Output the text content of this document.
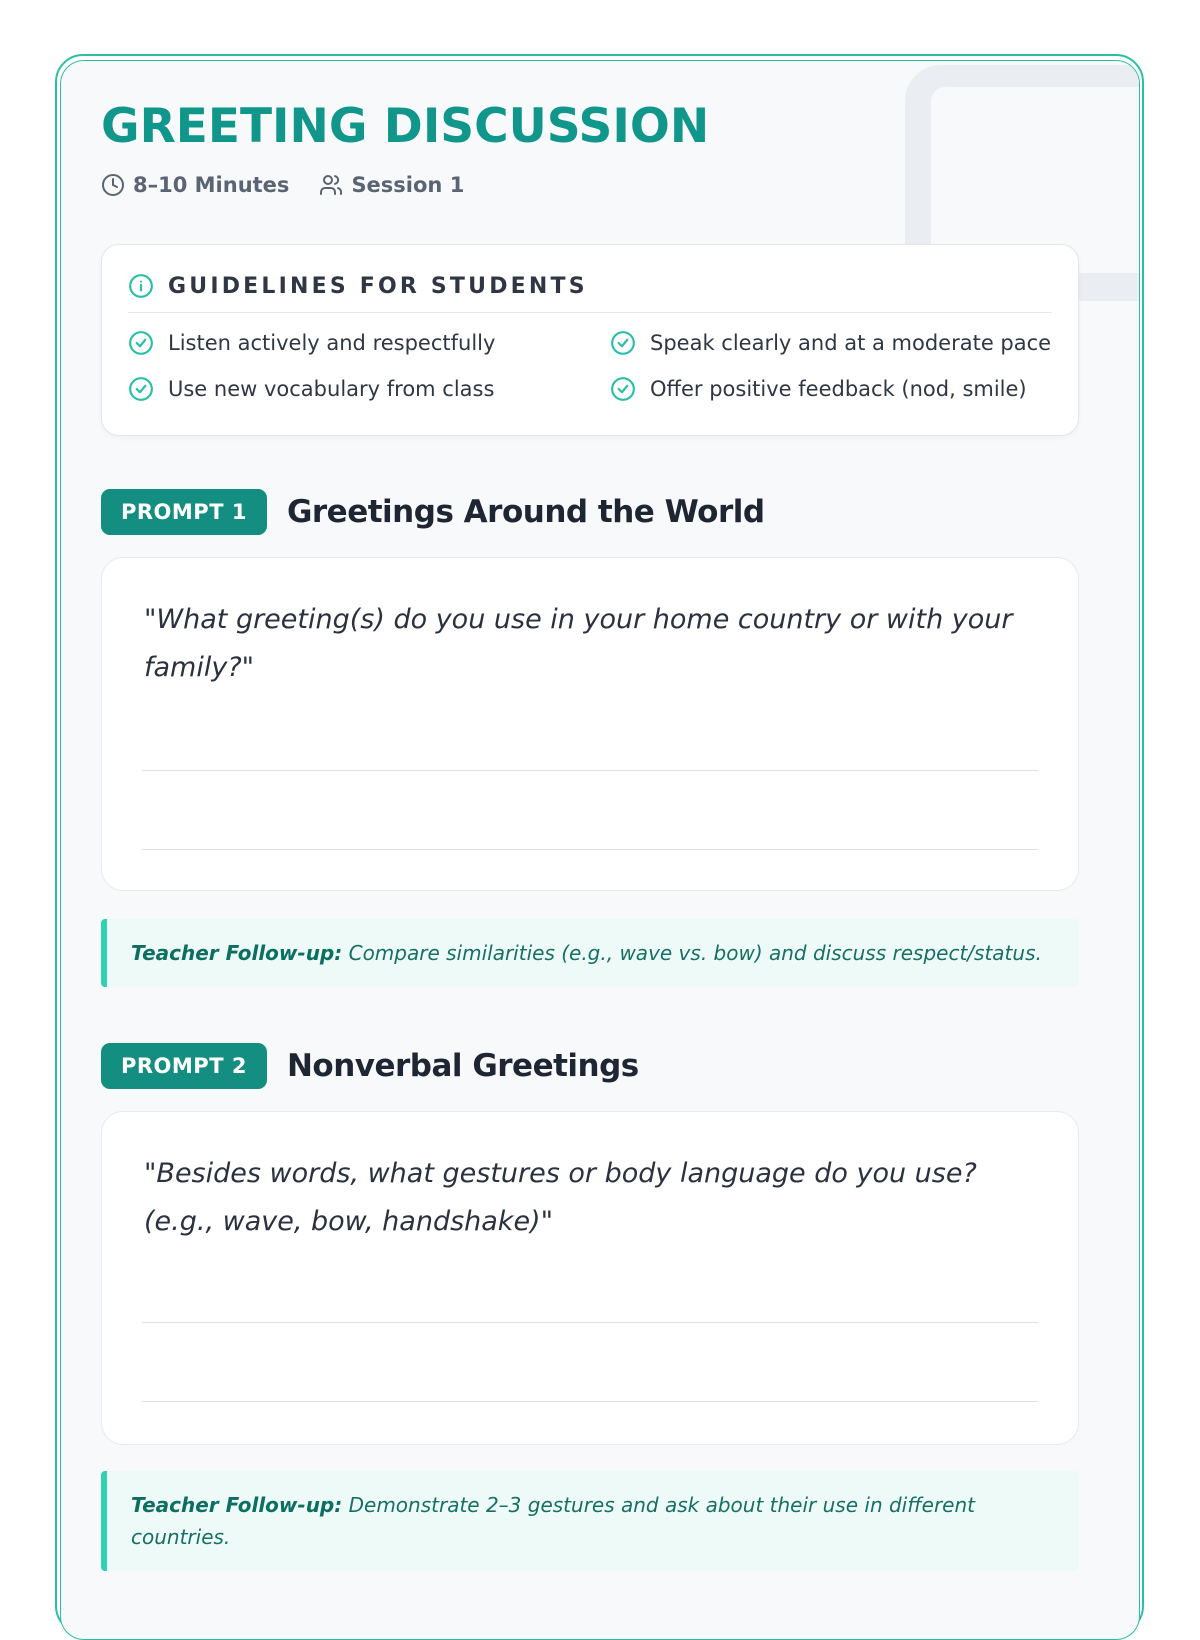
GREETING DISCUSSION
8–10 Minutes	Session 1
GUIDELINES FOR STUDENTS
Listen actively and respectfully	Speak clearly and at a moderate pace
Use new vocabulary from class	Offer positive feedback (nod, smile)
PROMPT 1	Greetings Around the World

"What greeting(s) do you use in your home country or with your family?"

Teacher Follow-up: Compare similarities (e.g., wave vs. bow) and discuss respect/status.
PROMPT 2	Nonverbal Greetings

"Besides words, what gestures or body language do you use? (e.g., wave, bow, handshake)"

Teacher Follow-up: Demonstrate 2–3 gestures and ask about their use in different countries.
